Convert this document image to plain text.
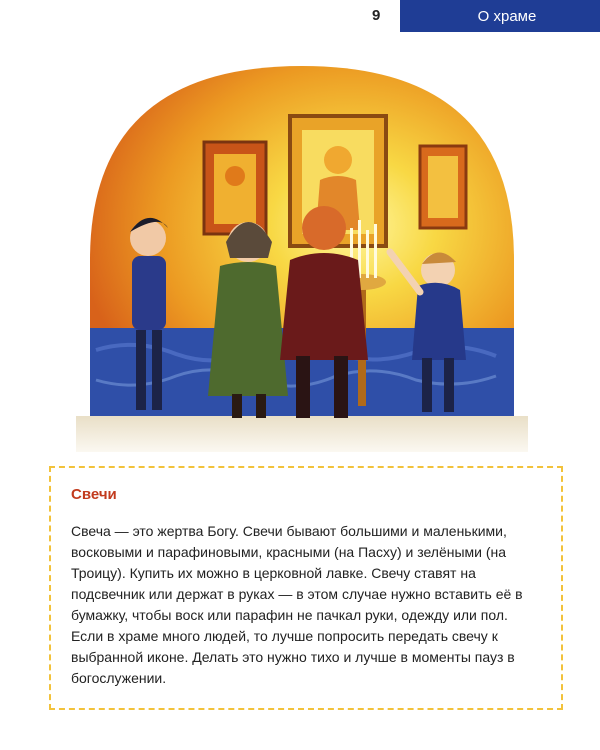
9	О храме
Свечи

Свеча — это жертва Богу. Свечи бывают большими и маленькими, восковыми и парафиновыми, красными (на Пасху) и зелёными (на Троицу). Купить их можно в церковной лавке. Свечу ставят на подсвечник или держат в руках — в этом случае нужно вставить её в бумажку, чтобы воск или парафин не пачкал руки, одежду или пол. Если в храме много людей, то лучше попросить передать свечу к выбранной иконе. Делать это нужно тихо и лучше в моменты пауз в богослужении.
